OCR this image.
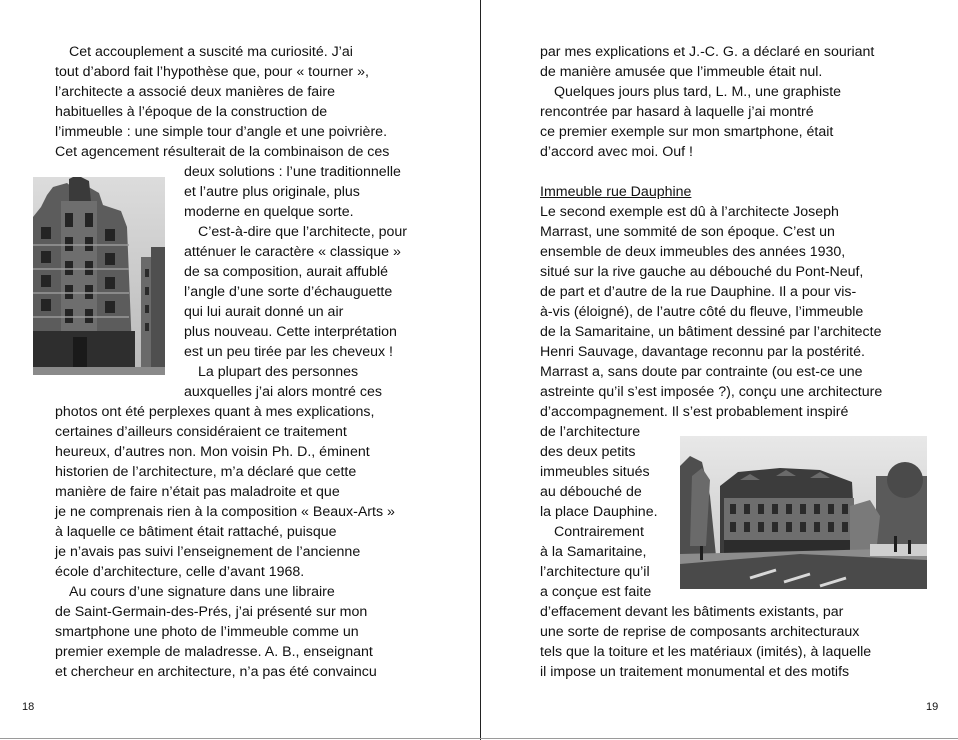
Cet accouplement a suscité ma curiosité. J’ai
tout d’abord fait l’hypothèse que, pour « tourner »,
l’architecte a associé deux manières de faire
habituelles à l’époque de la construction de
l’immeuble : une simple tour d’angle et une poivrière.
Cet agencement résulterait de la combinaison de ces
deux solutions : l’une traditionnelle
et l’autre plus originale, plus
moderne en quelque sorte.
C’est-à-dire que l’architecte, pour
atténuer le caractère « classique »
de sa composition, aurait affublé
l’angle d’une sorte d’échauguette
qui lui aurait donné un air
plus nouveau. Cette interprétation
est un peu tirée par les cheveux !
La plupart des personnes
auxquelles j’ai alors montré ces
photos ont été perplexes quant à mes explications,
certaines d’ailleurs considéraient ce traitement
heureux, d’autres non. Mon voisin Ph. D., éminent
historien de l’architecture, m’a déclaré que cette
manière de faire n’était pas maladroite et que
je ne comprenais rien à la composition « Beaux-Arts »
à laquelle ce bâtiment était rattaché, puisque
je n’avais pas suivi l’enseignement de l’ancienne
école d’architecture, celle d’avant 1968.
Au cours d’une signature dans une libraire
de Saint-Germain-des-Prés, j’ai présenté sur mon
smartphone une photo de l’immeuble comme un
premier exemple de maladresse. A. B., enseignant
et chercheur en architecture, n’a pas été convaincu
18
par mes explications et J.-C. G. a déclaré en souriant
de manière amusée que l’immeuble était nul.
Quelques jours plus tard, L. M., une graphiste
rencontrée par hasard à laquelle j’ai montré
ce premier exemple sur mon smartphone, était
d’accord avec moi. Ouf !
Immeuble rue Dauphine
Le second exemple est dû à l’architecte Joseph
Marrast, une sommité de son époque. C’est un
ensemble de deux immeubles des années 1930,
situé sur la rive gauche au débouché du Pont-Neuf,
de part et d’autre de la rue Dauphine. Il a pour vis-
à-vis (éloigné), de l’autre côté du fleuve, l’immeuble
de la Samaritaine, un bâtiment dessiné par l’architecte
Henri Sauvage, davantage reconnu par la postérité.
Marrast a, sans doute par contrainte (ou est-ce une
astreinte qu’il s’est imposée ?), conçu une architecture
d’accompagnement. Il s’est probablement inspiré
de l’architecture
des deux petits
immeubles situés
au débouché de
la place Dauphine.
Contrairement
à la Samaritaine,
l’architecture qu’il
a conçue est faite
d’effacement devant les bâtiments existants, par
une sorte de reprise de composants architecturaux
tels que la toiture et les matériaux (imités), à laquelle
il impose un traitement monumental et des motifs
19
